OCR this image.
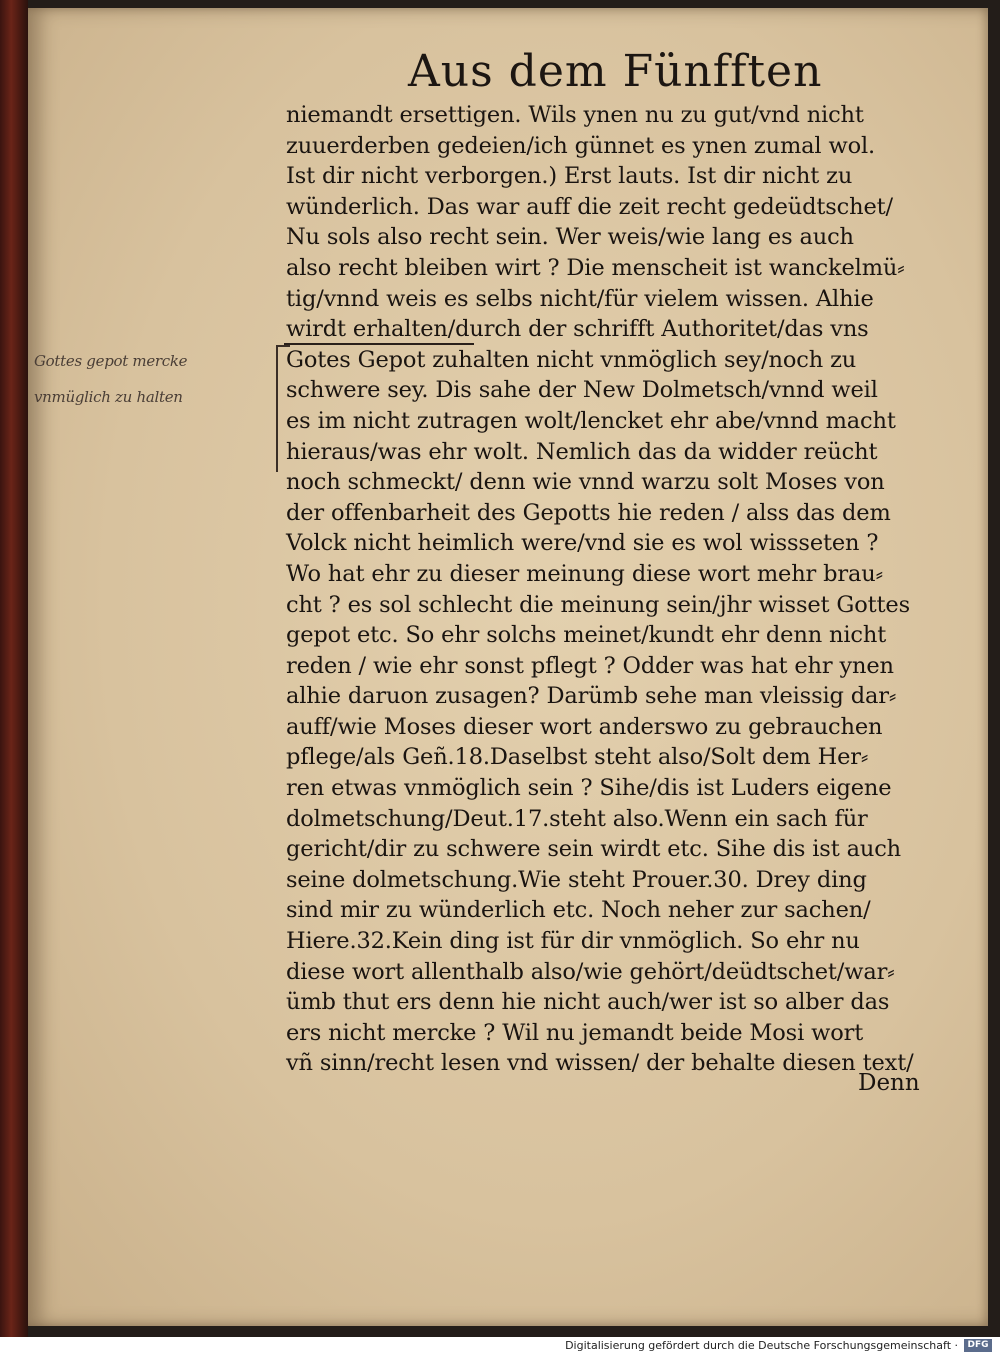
Aus dem Fünfften
niemandt ersettigen. Wils ynen nu zu gut/vnd nicht
zuuerderben gedeien/ich günnet es ynen zumal wol.
Ist dir nicht verborgen.) Erst lauts. Ist dir nicht zu
wünderlich. Das war auff die zeit recht gedeüdtschet/
Nu sols also recht sein. Wer weis/wie lang es auch
also recht bleiben wirt ? Die menscheit ist wanckelmü⸗
tig/vnnd weis es selbs nicht/für vielem wissen. Alhie
wirdt erhalten/durch der schrifft Authoritet/das vns
Gotes Gepot zuhalten nicht vnmöglich sey/noch zu
schwere sey. Dis sahe der New Dolmetsch/vnnd weil
es im nicht zutragen wolt/lencket ehr abe/vnnd macht
hieraus/was ehr wolt. Nemlich das da widder reücht
noch schmeckt/ denn wie vnnd warzu solt Moses von
der offenbarheit des Gepotts hie reden / alss das dem
Volck nicht heimlich were/vnd sie es wol wissseten ?
Wo hat ehr zu dieser meinung diese wort mehr brau⸗
cht ? es sol schlecht die meinung sein/jhr wisset Gottes
gepot etc. So ehr solchs meinet/kundt ehr denn nicht
reden / wie ehr sonst pflegt ? Odder was hat ehr ynen
alhie daruon zusagen? Darümb sehe man vleissig dar⸗
auff/wie Moses dieser wort anderswo zu gebrauchen
pflege/als Geñ.18.Daselbst steht also/Solt dem Her⸗
ren etwas vnmöglich sein ? Sihe/dis ist Luders eigene
dolmetschung/Deut.17.steht also.Wenn ein sach für
gericht/dir zu schwere sein wirdt etc. Sihe dis ist auch
seine dolmetschung.Wie steht Prouer.30. Drey ding
sind mir zu wünderlich etc. Noch neher zur sachen/
Hiere.32.Kein ding ist für dir vnmöglich. So ehr nu
diese wort allenthalb also/wie gehört/deüdtschet/war⸗
ümb thut ers denn hie nicht auch/wer ist so alber das
ers nicht mercke ? Wil nu jemandt beide Mosi wort
vñ sinn/recht lesen vnd wissen/ der behalte diesen text/
Denn
Gottes gepot mercke
vnmüglich zu halten
Digitalisierung gefördert durch die Deutsche Forschungsgemeinschaft ·	DFG
